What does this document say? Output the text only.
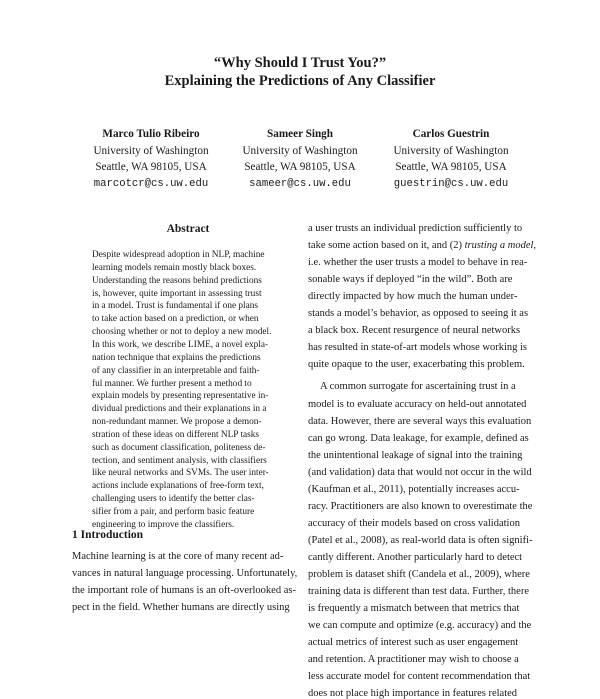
“Why Should I Trust You?”
Explaining the Predictions of Any Classifier
Marco Tulio Ribeiro
University of Washington
Seattle, WA 98105, USA
marcotcr@cs.uw.edu
Sameer Singh
University of Washington
Seattle, WA 98105, USA
sameer@cs.uw.edu
Carlos Guestrin
University of Washington
Seattle, WA 98105, USA
guestrin@cs.uw.edu
Abstract
Despite widespread adoption in NLP, machine
learning models remain mostly black boxes.
Understanding the reasons behind predictions
is, however, quite important in assessing trust
in a model. Trust is fundamental if one plans
to take action based on a prediction, or when
choosing whether or not to deploy a new model.
In this work, we describe LIME, a novel expla-
nation technique that explains the predictions
of any classifier in an interpretable and faith-
ful manner. We further present a method to
explain models by presenting representative in-
dividual predictions and their explanations in a
non-redundant manner. We propose a demon-
stration of these ideas on different NLP tasks
such as document classification, politeness de-
tection, and sentiment analysis, with classifiers
like neural networks and SVMs. The user inter-
actions include explanations of free-form text,
challenging users to identify the better clas-
sifier from a pair, and perform basic feature
engineering to improve the classifiers.
1 Introduction
Machine learning is at the core of many recent ad-
vances in natural language processing. Unfortunately,
the important role of humans is an oft-overlooked as-
pect in the field. Whether humans are directly using
a user trusts an individual prediction sufficiently to
take some action based on it, and (2) trusting a model,
i.e. whether the user trusts a model to behave in rea-
sonable ways if deployed “in the wild”. Both are
directly impacted by how much the human under-
stands a model’s behavior, as opposed to seeing it as
a black box. Recent resurgence of neural networks
has resulted in state-of-art models whose working is
quite opaque to the user, exacerbating this problem.
A common surrogate for ascertaining trust in a
model is to evaluate accuracy on held-out annotated
data. However, there are several ways this evaluation
can go wrong. Data leakage, for example, defined as
the unintentional leakage of signal into the training
(and validation) data that would not occur in the wild
(Kaufman et al., 2011), potentially increases accu-
racy. Practitioners are also known to overestimate the
accuracy of their models based on cross validation
(Patel et al., 2008), as real-world data is often signifi-
cantly different. Another particularly hard to detect
problem is dataset shift (Candela et al., 2009), where
training data is different than test data. Further, there
is frequently a mismatch between that metrics that
we can compute and optimize (e.g. accuracy) and the
actual metrics of interest such as user engagement
and retention. A practitioner may wish to choose a
less accurate model for content recommendation that
does not place high importance in features related
